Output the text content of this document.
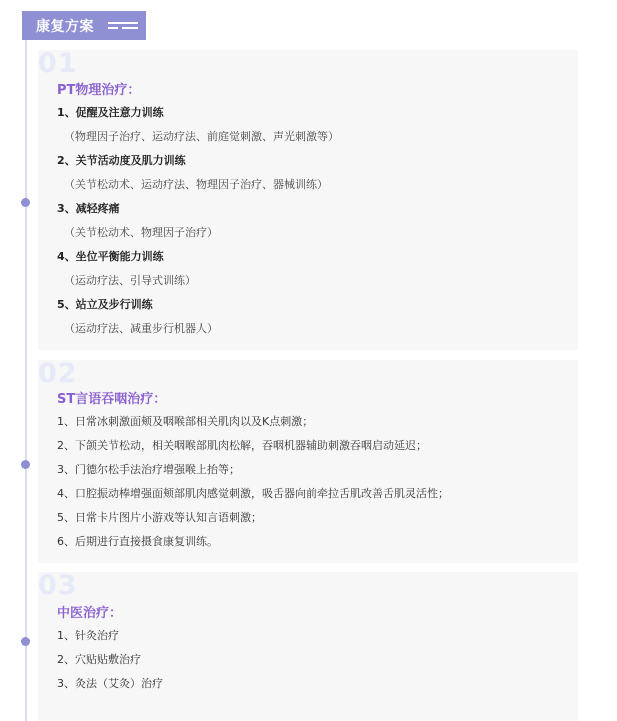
康复方案
01
PT物理治疗：
1、促醒及注意力训练
（物理因子治疗、运动疗法、前庭觉刺激、声光刺激等）
2、关节活动度及肌力训练
（关节松动术、运动疗法、物理因子治疗、器械训练）
3、减轻疼痛
（关节松动术、物理因子治疗）
4、坐位平衡能力训练
（运动疗法、引导式训练）
5、站立及步行训练
（运动疗法、减重步行机器人）
02
ST言语吞咽治疗：
1、日常冰刺激面颊及咽喉部相关肌肉以及K点刺激；
2、下颌关节松动，相关咽喉部肌肉松解，吞咽机器辅助刺激吞咽启动延迟；
3、门德尔松手法治疗增强喉上抬等；
4、口腔振动棒增强面颊部肌肉感觉刺激，吸舌器向前牵拉舌肌改善舌肌灵活性；
5、日常卡片图片小游戏等认知言语刺激；
6、后期进行直接摄食康复训练。
03
中医治疗：
1、针灸治疗
2、穴贴贴敷治疗
3、灸法（艾灸）治疗
